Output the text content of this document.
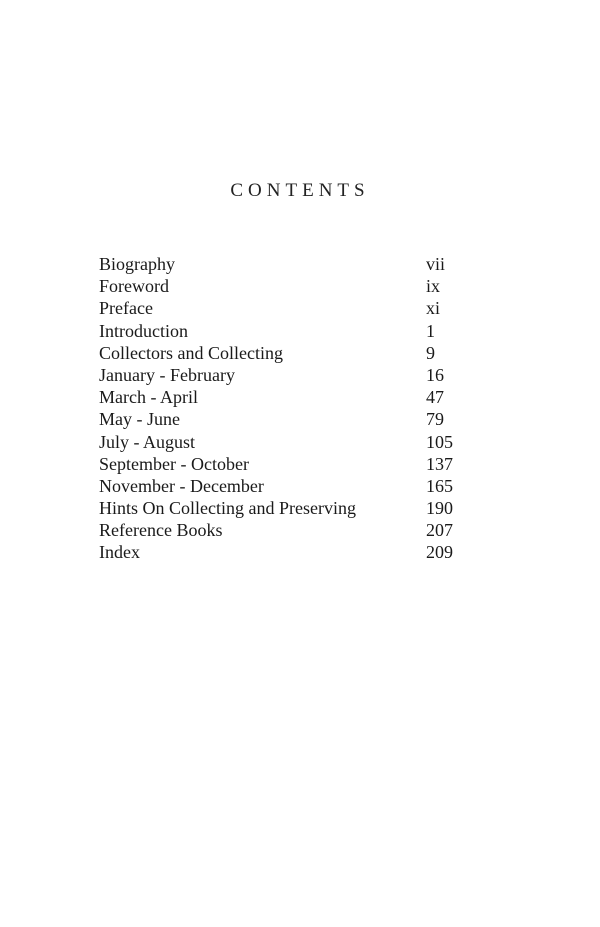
CONTENTS
Biography	vii
Foreword	ix
Preface	xi
Introduction	1
Collectors and Collecting	9
January - February	16
March - April	47
May - June	79
July - August	105
September - October	137
November - December	165
Hints On Collecting and Preserving	190
Reference Books	207
Index	209
